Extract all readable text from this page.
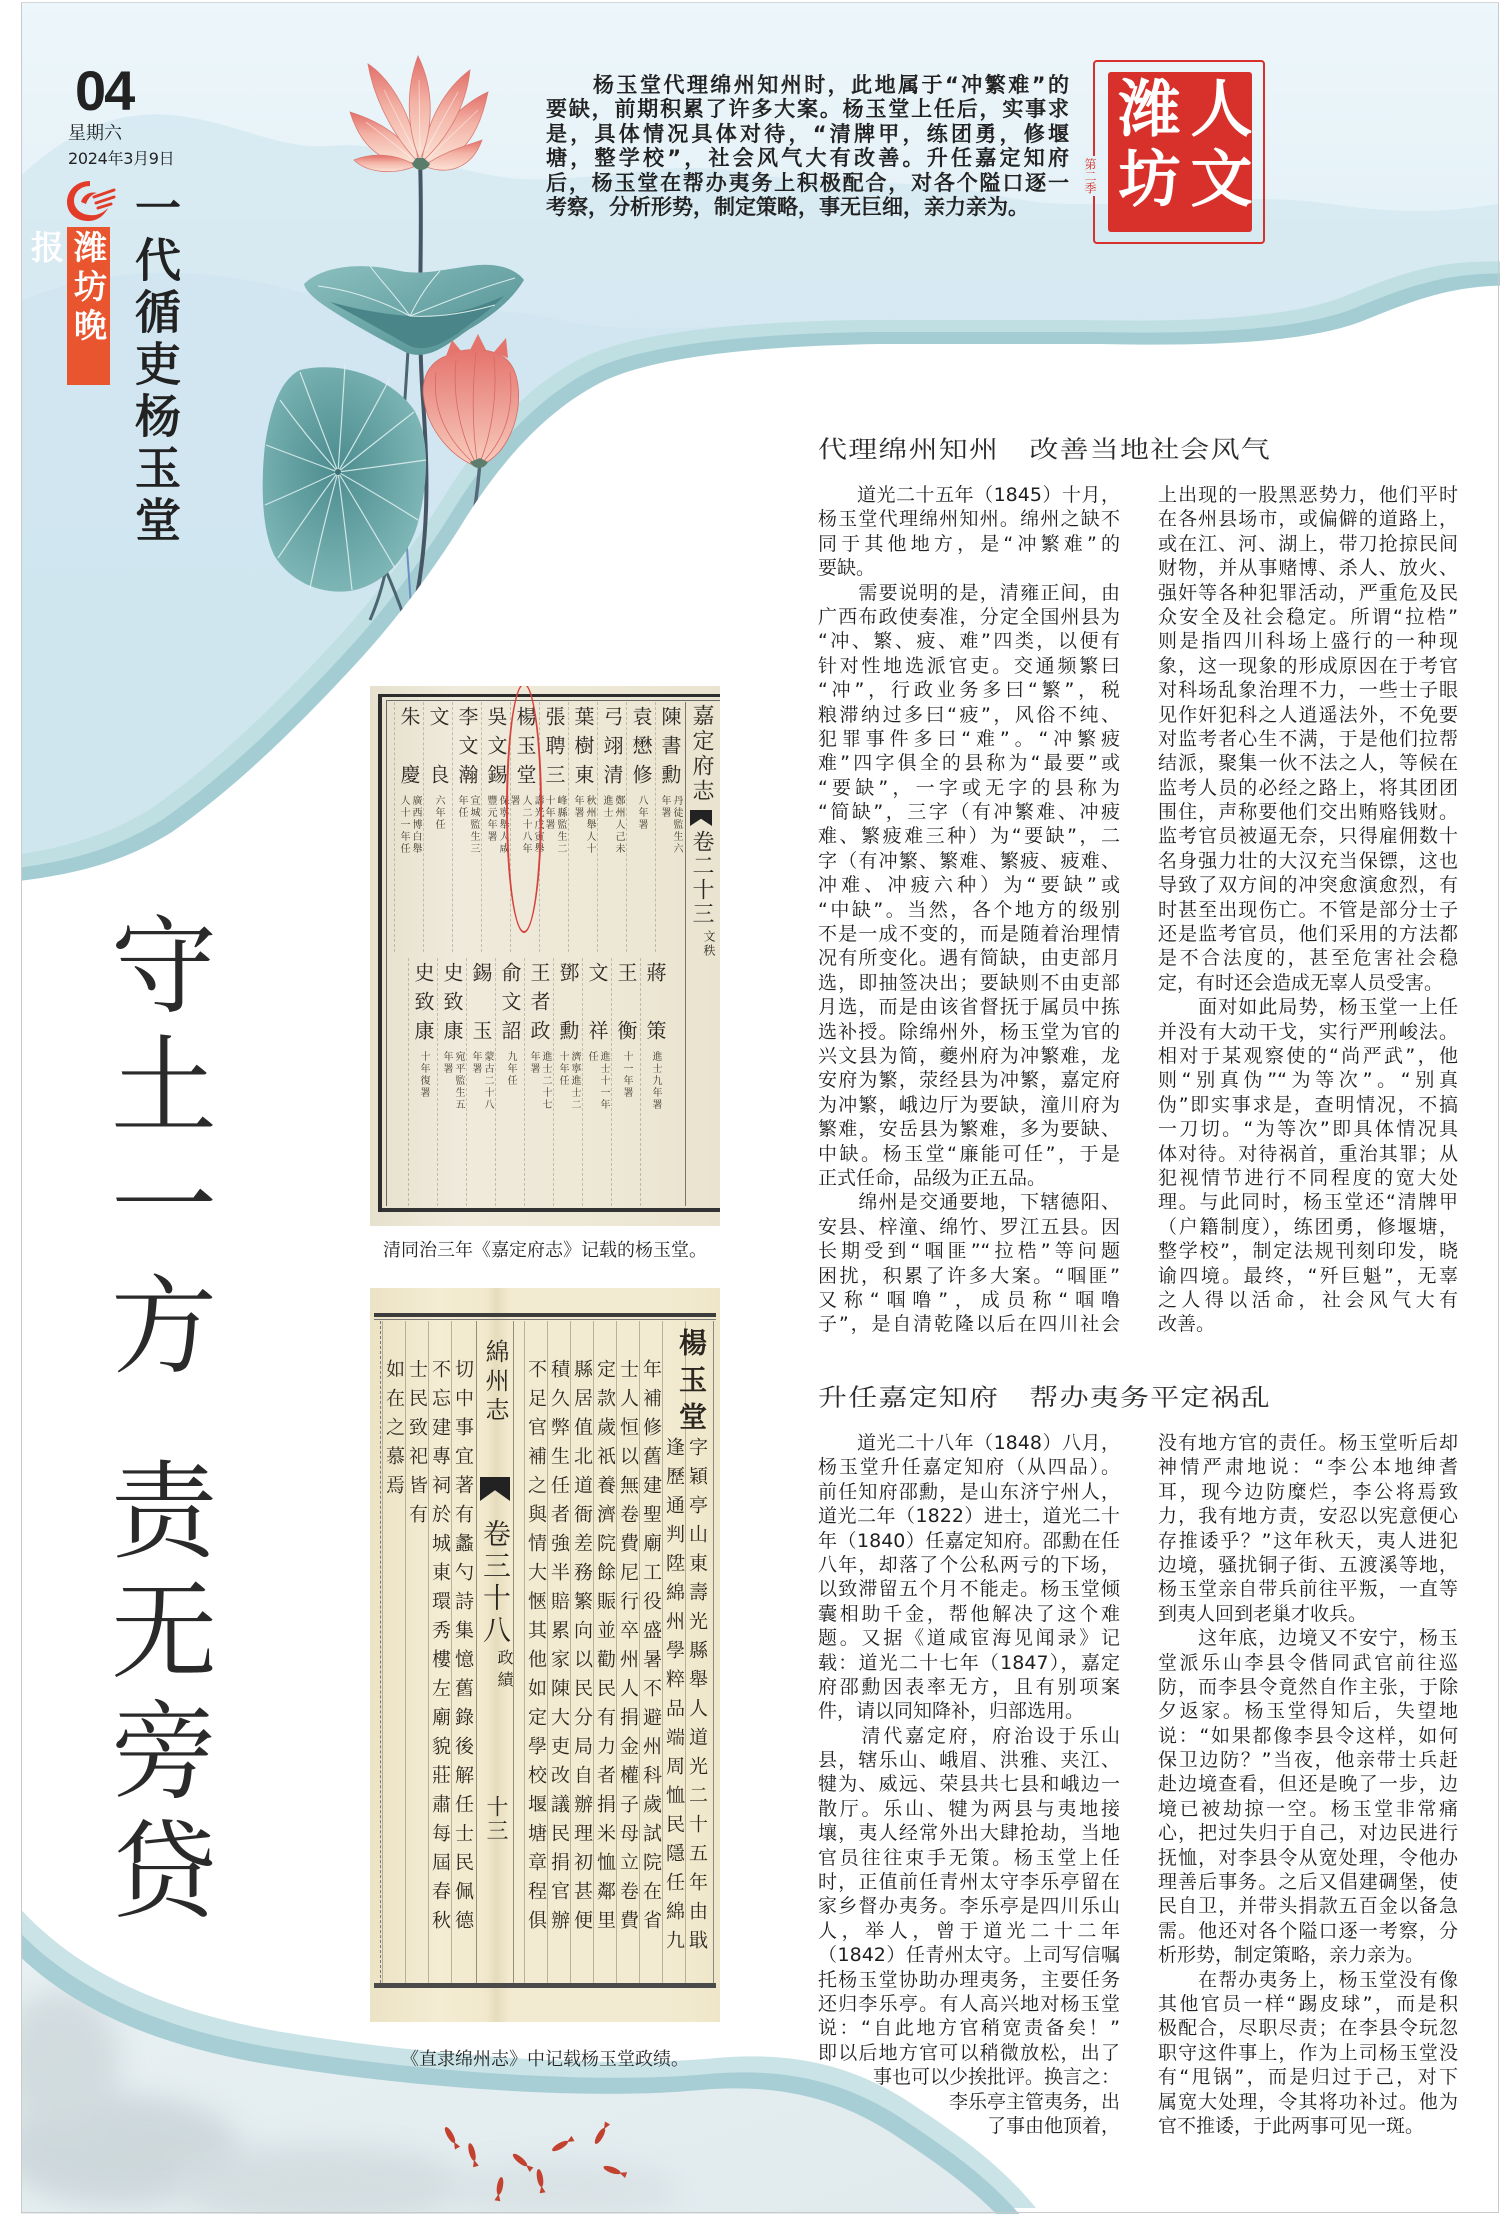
04
星期六
2024年3月9日
潍坊晚报	一代循吏杨玉堂
人文
潍坊
第二季
　　杨玉堂代理绵州知州时，此地属于“冲繁难”的
要缺，前期积累了许多大案。杨玉堂上任后，实事求
是，具体情况具体对待，“清牌甲，练团勇，修堰
塘，整学校”，社会风气大有改善。升任嘉定知府
后，杨玉堂在帮办夷务上积极配合，对各个隘口逐一
考察，分析形势，制定策略，事无巨细，亲力亲为。
守土一方
责无旁贷
代理绵州知州　改善当地社会风气
　　道光二十五年（1845）十月，
杨玉堂代理绵州知州。绵州之缺不
同于其他地方，是“冲繁难”的
要缺。
　　需要说明的是，清雍正间，由
广西布政使奏准，分定全国州县为
“冲、繁、疲、难”四类，以便有
针对性地选派官吏。交通频繁曰
“冲”，行政业务多曰“繁”，税
粮滞纳过多曰“疲”，风俗不纯、
犯罪事件多曰“难”。“冲繁疲
难”四字俱全的县称为“最要”或
“要缺”，一字或无字的县称为
“简缺”，三字（有冲繁难、冲疲
难、繁疲难三种）为“要缺”，二
字（有冲繁、繁难、繁疲、疲难、
冲难、冲疲六种）为“要缺”或
“中缺”。当然，各个地方的级别
不是一成不变的，而是随着治理情
况有所变化。遇有简缺，由吏部月
选，即抽签决出；要缺则不由吏部
月选，而是由该省督抚于属员中拣
选补授。除绵州外，杨玉堂为官的
兴文县为简，夔州府为冲繁难，龙
安府为繁，荥经县为冲繁，嘉定府
为冲繁，峨边厅为要缺，潼川府为
繁难，安岳县为繁难，多为要缺、
中缺。杨玉堂“廉能可任”，于是
正式任命，品级为正五品。
　　绵州是交通要地，下辖德阳、
安县、梓潼、绵竹、罗江五县。因
长期受到“啯匪”“拉梏”等问题
困扰，积累了许多大案。“啯匪”
又称“啯噜”，成员称“啯噜
子”，是自清乾隆以后在四川社会
上出现的一股黑恶势力，他们平时
在各州县场市，或偏僻的道路上，
或在江、河、湖上，带刀抢掠民间
财物，并从事赌博、杀人、放火、
强奸等各种犯罪活动，严重危及民
众安全及社会稳定。所谓“拉梏”
则是指四川科场上盛行的一种现
象，这一现象的形成原因在于考官
对科场乱象治理不力，一些士子眼
见作奸犯科之人逍遥法外，不免要
对监考者心生不满，于是他们拉帮
结派，聚集一伙不法之人，等候在
监考人员的必经之路上，将其团团
围住，声称要他们交出贿赂钱财。
监考官员被逼无奈，只得雇佣数十
名身强力壮的大汉充当保镖，这也
导致了双方间的冲突愈演愈烈，有
时甚至出现伤亡。不管是部分士子
还是监考官员，他们采用的方法都
是不合法度的，甚至危害社会稳
定，有时还会造成无辜人员受害。
　　面对如此局势，杨玉堂一上任
并没有大动干戈，实行严刑峻法。
相对于某观察使的“尚严武”，他
则“别真伪”“为等次”。“别真
伪”即实事求是，查明情况，不搞
一刀切。“为等次”即具体情况具
体对待。对待祸首，重治其罪；从
犯视情节进行不同程度的宽大处
理。与此同时，杨玉堂还“清牌甲
（户籍制度），练团勇，修堰塘，
整学校”，制定法规刊刻印发，晓
谕四境。最终，“歼巨魁”，无辜
之人得以活命，社会风气大有
改善。
升任嘉定知府　帮办夷务平定祸乱
　　道光二十八年（1848）八月，
杨玉堂升任嘉定知府（从四品）。
前任知府邵勳，是山东济宁州人，
道光二年（1822）进士，道光二十
年（1840）任嘉定知府。邵勳在任
八年，却落了个公私两亏的下场，
以致滞留五个月不能走。杨玉堂倾
囊相助千金，帮他解决了这个难
题。又据《道咸宦海见闻录》记
载：道光二十七年（1847），嘉定
府邵勳因表率无方，且有别项案
件，请以同知降补，归部选用。
　　清代嘉定府，府治设于乐山
县，辖乐山、峨眉、洪雅、夹江、
犍为、威远、荣县共七县和峨边一
散厅。乐山、犍为两县与夷地接
壤，夷人经常外出大肆抢劫，当地
官员往往束手无策。杨玉堂上任
时，正值前任青州太守李乐亭留在
家乡督办夷务。李乐亭是四川乐山
人，举人，曾于道光二十二年
（1842）任青州太守。上司写信嘱
托杨玉堂协助办理夷务，主要任务
还归李乐亭。有人高兴地对杨玉堂
说：“自此地方官稍宽责备矣！”
即以后地方官可以稍微放松，出了
事也可以少挨批评。换言之：
李乐亭主管夷务，出
了事由他顶着，
没有地方官的责任。杨玉堂听后却
神情严肃地说：“李公本地绅耆
耳，现今边防糜烂，李公将焉致
力，我有地方责，安忍以宪意便心
存推诿乎？”这年秋天，夷人进犯
边境，骚扰铜子街、五渡溪等地，
杨玉堂亲自带兵前往平叛，一直等
到夷人回到老巢才收兵。
　　这年底，边境又不安宁，杨玉
堂派乐山李县令偕同武官前往巡
防，而李县令竟然自作主张，于除
夕返家。杨玉堂得知后，失望地
说：“如果都像李县令这样，如何
保卫边防？”当夜，他亲带士兵赶
赴边境查看，但还是晚了一步，边
境已被劫掠一空。杨玉堂非常痛
心，把过失归于自己，对边民进行
抚恤，对李县令从宽处理，令他办
理善后事务。之后又倡建碉堡，使
民自卫，并带头捐款五百金以备急
需。他还对各个隘口逐一考察，分
析形势，制定策略，亲力亲为。
　　在帮办夷务上，杨玉堂没有像
其他官员一样“踢皮球”，而是积
极配合，尽职尽责；在李县令玩忽
职守这件事上，作为上司杨玉堂没
有“甩锅”，而是归过于己，对下
属宽大处理，令其将功补过。他为
官不推诿，于此两事可见一斑。
嘉定府志
卷二十三
文秩
陳書勳
丹徒監生六年署
袁懋修
八年署
弓翊清
鄭州人己未進士
葉樹東
秋州舉人十年署
張聘三
峰縣監生二十年署
楊玉堂
壽光戊寅舉人二十八年署
吳文錫
保寧舉人咸豐元年署
李文瀚
宣城監生三年任
文　良
六年任
朱　慶
廣西博白舉人十一年任
蔣　策
進士九年署
王　衡
十一年署
文　祥
進士十一年任
鄧　勳
濟寧進士二十年任
王者政
進士二十七年署
俞文詔
九年任
錫　玉
蒙古二十八年署
史致康
宛平監生五年署
史致康
十年復署
清同治三年《嘉定府志》记载的杨玉堂。
字穎亭山東壽光縣舉人道光二十五年由戢
逢歷通判陞綿州學粹品端周恤民隱任綿九
年補修舊建聖廟工役盛暑不避州科歲試院在省
士人恒以無卷費尼行卒州人捐金權子母立卷費
定款歲祇養濟院餘賑並勸民有力者捐米恤鄰里
縣居值北道衙差務繁向以民分局自辦理初甚便
積久弊生任者強半賠累家陳大吏改議民捐官辦
不足官補之與情大愜其他如定學校堰塘章程俱	楊玉堂
綿州志
卷三十八
政績
十三
切中事宜著有蠡勺詩集憶舊錄後解任士民佩德
不忘建專祠於城東環秀樓左廟貌莊肅每屆春秋
士民致祀皆有
如在之慕焉
《直隶绵州志》中记载杨玉堂政绩。
